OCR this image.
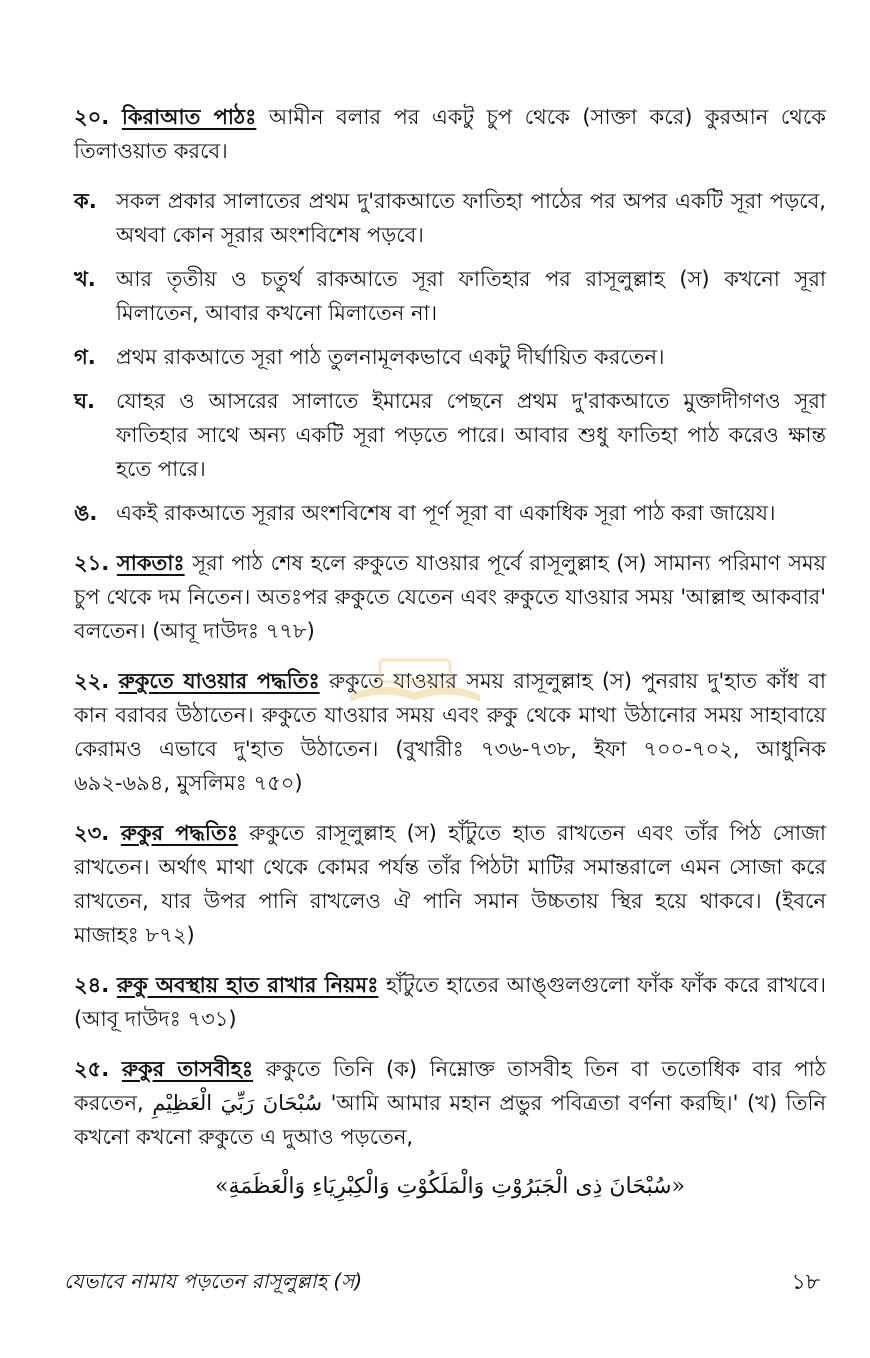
২০. কিরাআত পাঠঃ আমীন বলার পর একটু চুপ থেকে (সাক্তা করে) কুরআন থেকে তিলাওয়াত করবে।

ক. সকল প্রকার সালাতের প্রথম দু'রাকআতে ফাতিহা পাঠের পর অপর একটি সূরা পড়বে, অথবা কোন সূরার অংশবিশেষ পড়বে।
খ. আর তৃতীয় ও চতুর্থ রাকআতে সূরা ফাতিহার পর রাসূলুল্লাহ (স) কখনো সূরা মিলাতেন, আবার কখনো মিলাতেন না।
গ. প্রথম রাকআতে সূরা পাঠ তুলনামূলকভাবে একটু দীর্ঘায়িত করতেন।
ঘ.	যোহর ও আসরের সালাতে ইমামের পেছনে প্রথম দু'রাকআতে মুক্তাদীগণও সূরা ফাতিহার সাথে অন্য একটি সূরা পড়তে পারে। আবার শুধু ফাতিহা পাঠ করেও ক্ষান্ত হতে পারে।
ঙ. একই রাকআতে সূরার অংশবিশেষ বা পূর্ণ সূরা বা একাধিক সূরা পাঠ করা জায়েয।

২১. সাকতাঃ সূরা পাঠ শেষ হলে রুকুতে যাওয়ার পূর্বে রাসূলুল্লাহ (স) সামান্য পরিমাণ সময় চুপ থেকে দম নিতেন। অতঃপর রুকুতে যেতেন এবং রুকুতে যাওয়ার সময় 'আল্লাহু আকবার' বলতেন। (আবূ দাউদঃ ৭৭৮)

২২. রুকুতে যাওয়ার পদ্ধতিঃ রুকুতে যাওয়ার সময় রাসূলুল্লাহ (স) পুনরায় দু'হাত কাঁধ বা কান বরাবর উঠাতেন। রুকুতে যাওয়ার সময় এবং রুকু থেকে মাথা উঠানোর সময় সাহাবায়ে কেরামও এভাবে দু'হাত উঠাতেন। (বুখারীঃ ৭৩৬-৭৩৮, ইফা ৭০০-৭০২, আধুনিক ৬৯২-৬৯৪, মুসলিমঃ ৭৫০)

২৩. রুকুর পদ্ধতিঃ রুকুতে রাসূলুল্লাহ (স) হাঁটুতে হাত রাখতেন এবং তাঁর পিঠ সোজা রাখতেন। অর্থাৎ মাথা থেকে কোমর পর্যন্ত তাঁর পিঠটা মাটির সমান্তরালে এমন সোজা করে রাখতেন, যার উপর পানি রাখলেও ঐ পানি সমান উচ্চতায় স্থির হয়ে থাকবে। (ইবনে মাজাহঃ ৮৭২)

২৪. রুকু অবস্থায় হাত রাখার নিয়মঃ হাঁটুতে হাতের আঙ্গুলগুলো ফাঁক ফাঁক করে রাখবে। (আবূ দাউদঃ ৭৩১)

২৫. রুকুর তাসবীহঃ রুকুতে তিনি (ক) নিম্নোক্ত তাসবীহ তিন বা ততোধিক বার পাঠ করতেন, سُبْحَانَ رَبِّيَ الْعَظِيْمِ 'আমি আমার মহান প্রভুর পবিত্রতা বর্ণনা করছি।' (খ) তিনি কখনো কখনো রুকুতে এ দুআও পড়তেন,

«سُبْحَانَ ذِى الْجَبَرُوْتِ وَالْمَلَكُوْتِ وَالْكِبْرِيَاءِ وَالْعَظَمَةِ»
যেভাবে নামায পড়তেন রাসূলুল্লাহ (স)	১৮
